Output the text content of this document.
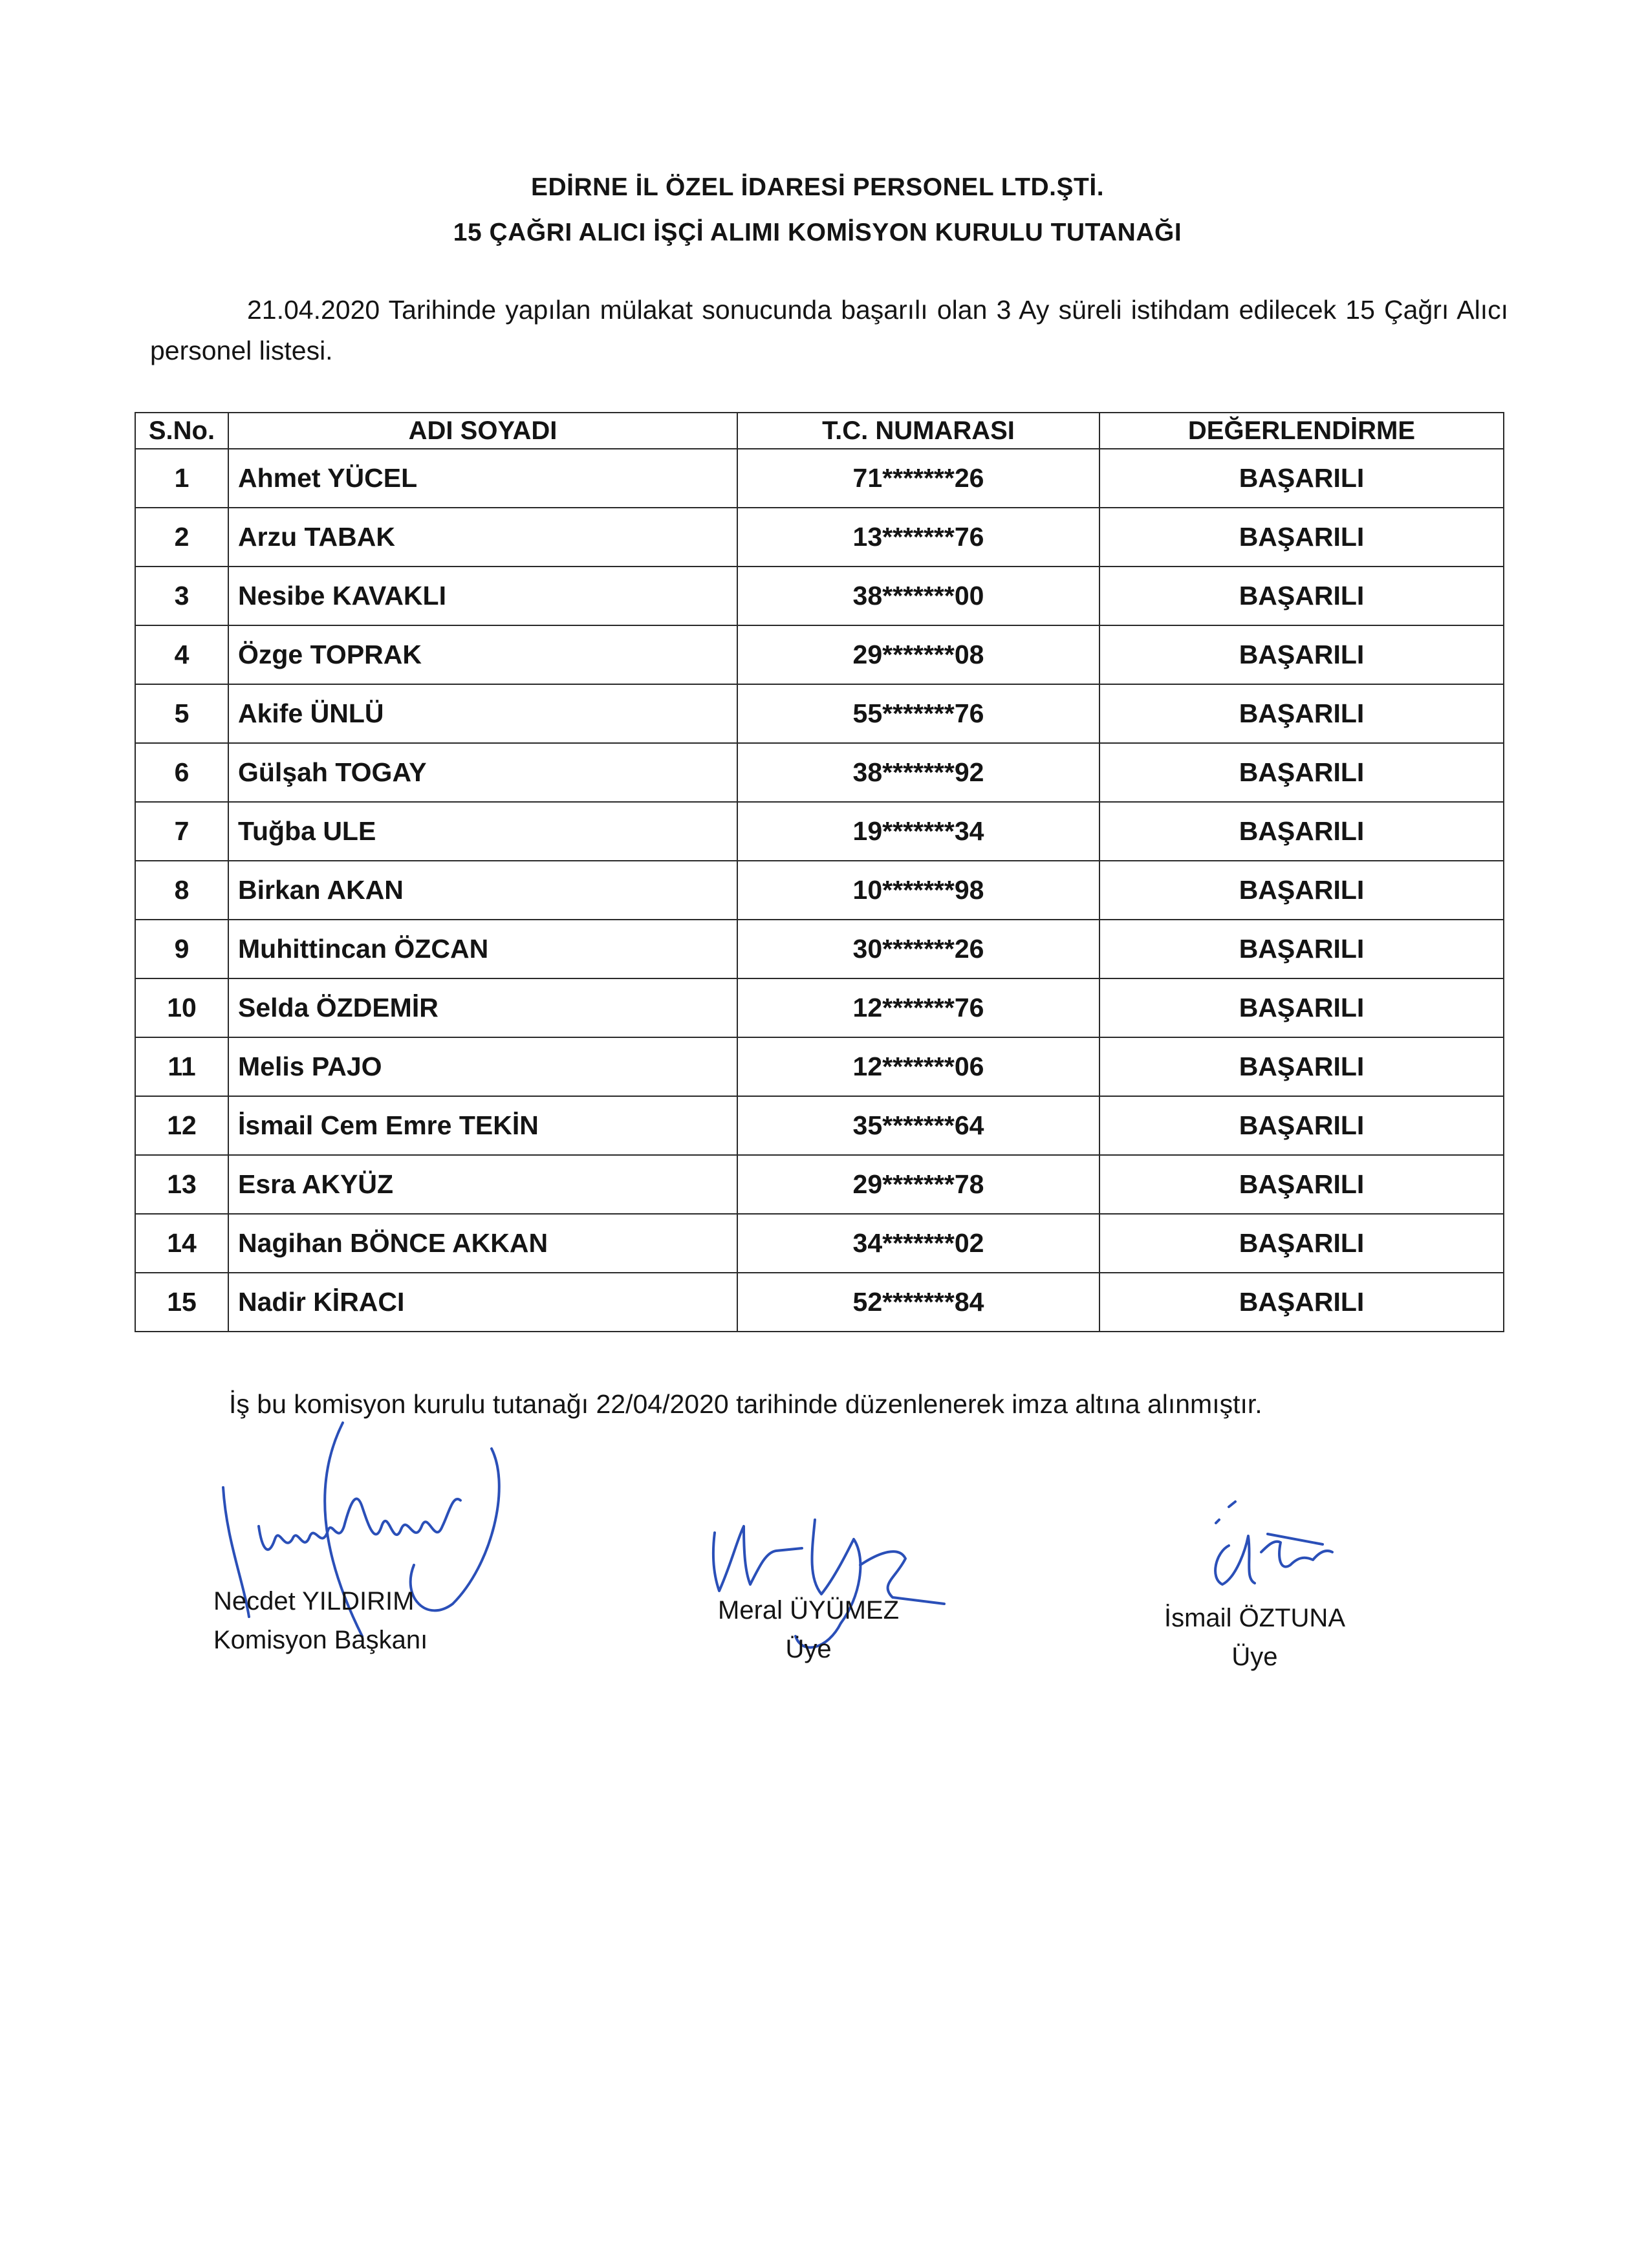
EDİRNE İL ÖZEL İDARESİ PERSONEL LTD.ŞTİ.
15 ÇAĞRI ALICI İŞÇİ ALIMI KOMİSYON KURULU TUTANAĞI
21.04.2020 Tarihinde yapılan mülakat sonucunda başarılı olan 3 Ay süreli istihdam edilecek 15 Çağrı Alıcı personel listesi.
S.No.	ADI SOYADI	T.C. NUMARASI	DEĞERLENDİRME
1	Ahmet YÜCEL	71*******26	BAŞARILI
2	Arzu TABAK	13*******76	BAŞARILI
3	Nesibe KAVAKLI	38*******00	BAŞARILI
4	Özge TOPRAK	29*******08	BAŞARILI
5	Akife ÜNLÜ	55*******76	BAŞARILI
6	Gülşah TOGAY	38*******92	BAŞARILI
7	Tuğba ULE	19*******34	BAŞARILI
8	Birkan AKAN	10*******98	BAŞARILI
9	Muhittincan ÖZCAN	30*******26	BAŞARILI
10	Selda ÖZDEMİR	12*******76	BAŞARILI
11	Melis PAJO	12*******06	BAŞARILI
12	İsmail Cem Emre TEKİN	35*******64	BAŞARILI
13	Esra AKYÜZ	29*******78	BAŞARILI
14	Nagihan BÖNCE AKKAN	34*******02	BAŞARILI
15	Nadir KİRACI	52*******84	BAŞARILI
İş bu komisyon kurulu tutanağı 22/04/2020 tarihinde düzenlenerek imza altına alınmıştır.
Necdet YILDIRIM
Komisyon Başkanı
Meral ÜYÜMEZ
Üye
İsmail ÖZTUNA
Üye
